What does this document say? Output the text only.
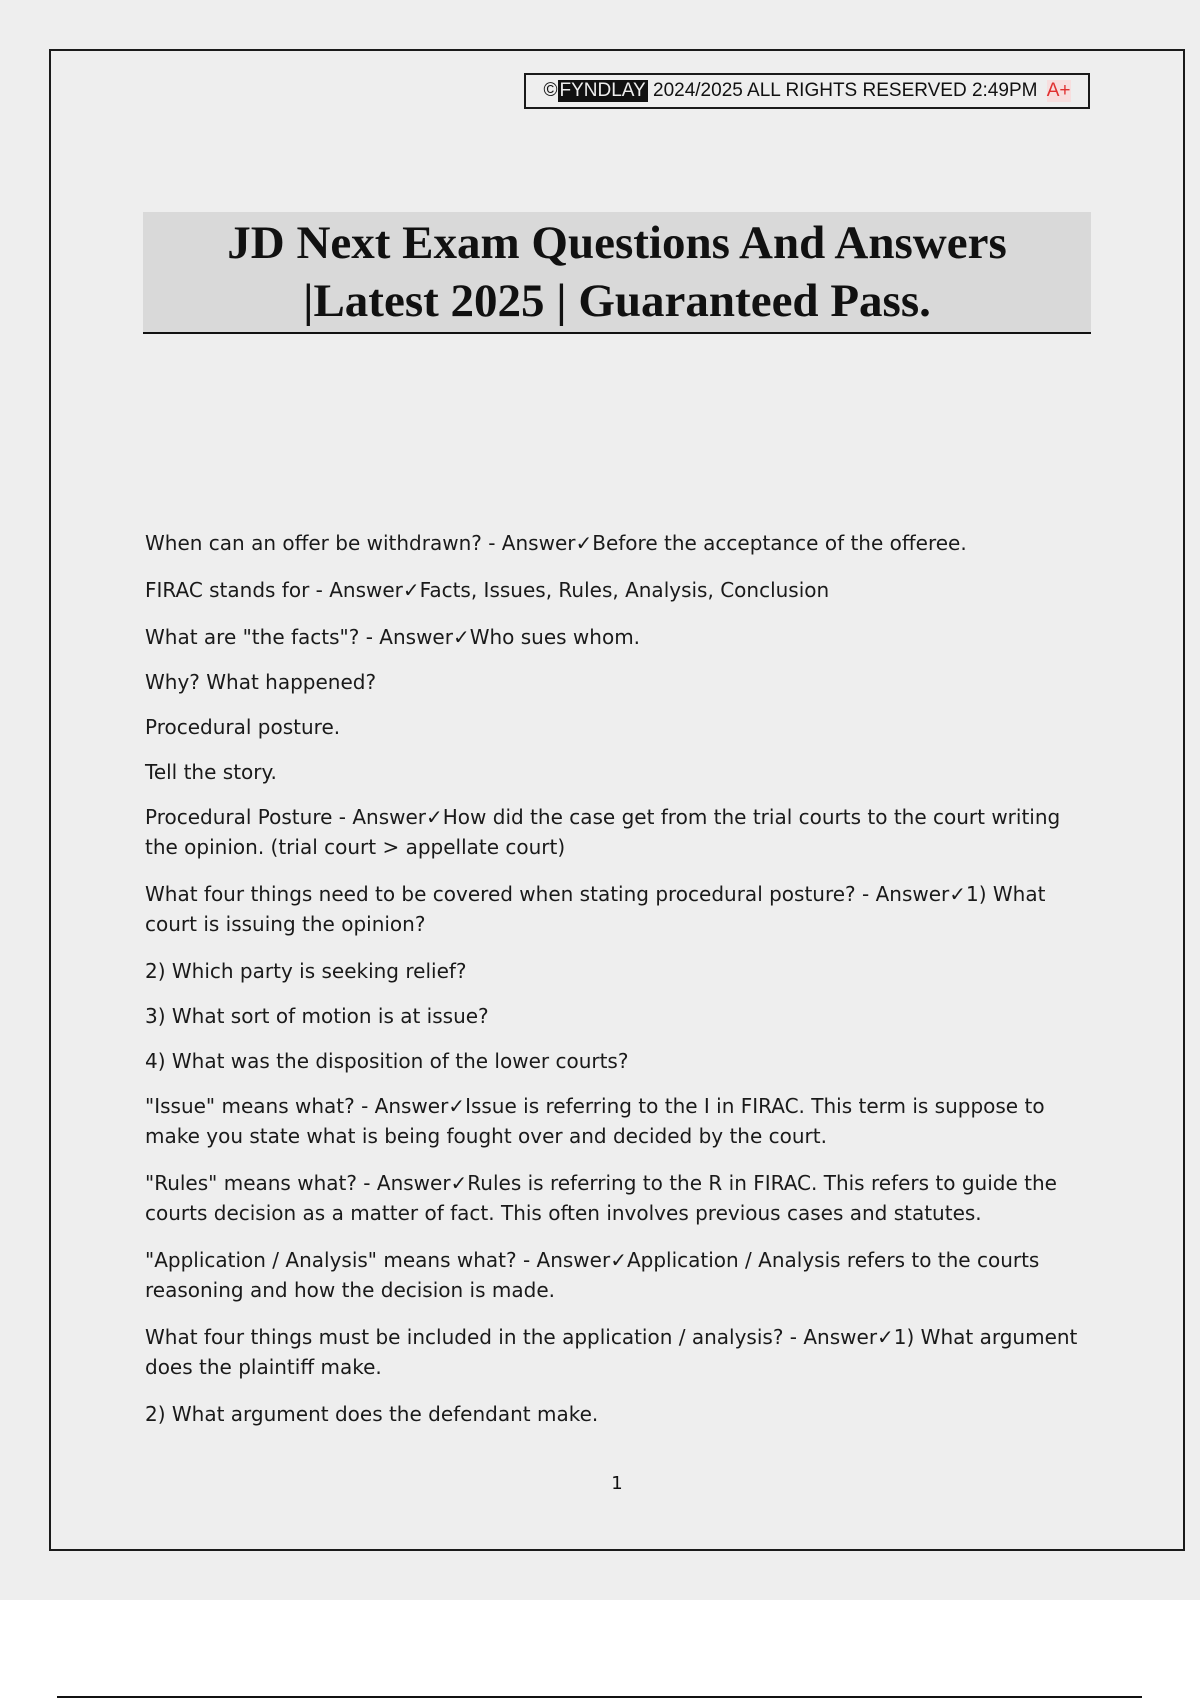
© FYNDLAY 2024/2025 ALL RIGHTS RESERVED 2:49PM A+
JD Next Exam Questions And Answers
|Latest 2025 | Guaranteed Pass.

When can an offer be withdrawn? - Answer✓Before the acceptance of the offeree.

FIRAC stands for - Answer✓Facts, Issues, Rules, Analysis, Conclusion

What are "the facts"? - Answer✓Who sues whom.

Why? What happened?

Procedural posture.

Tell the story.

Procedural Posture - Answer✓How did the case get from the trial courts to the court writing the opinion. (trial court > appellate court)

What four things need to be covered when stating procedural posture? - Answer✓1) What court is issuing the opinion?

2) Which party is seeking relief?

3) What sort of motion is at issue?

4) What was the disposition of the lower courts?

"Issue" means what? - Answer✓Issue is referring to the I in FIRAC. This term is suppose to make you state what is being fought over and decided by the court.

"Rules" means what? - Answer✓Rules is referring to the R in FIRAC. This refers to guide the courts decision as a matter of fact. This often involves previous cases and statutes.

"Application / Analysis" means what? - Answer✓Application / Analysis refers to the courts reasoning and how the decision is made.

What four things must be included in the application / analysis? - Answer✓1) What argument does the plaintiff make.

2) What argument does the defendant make.

1
